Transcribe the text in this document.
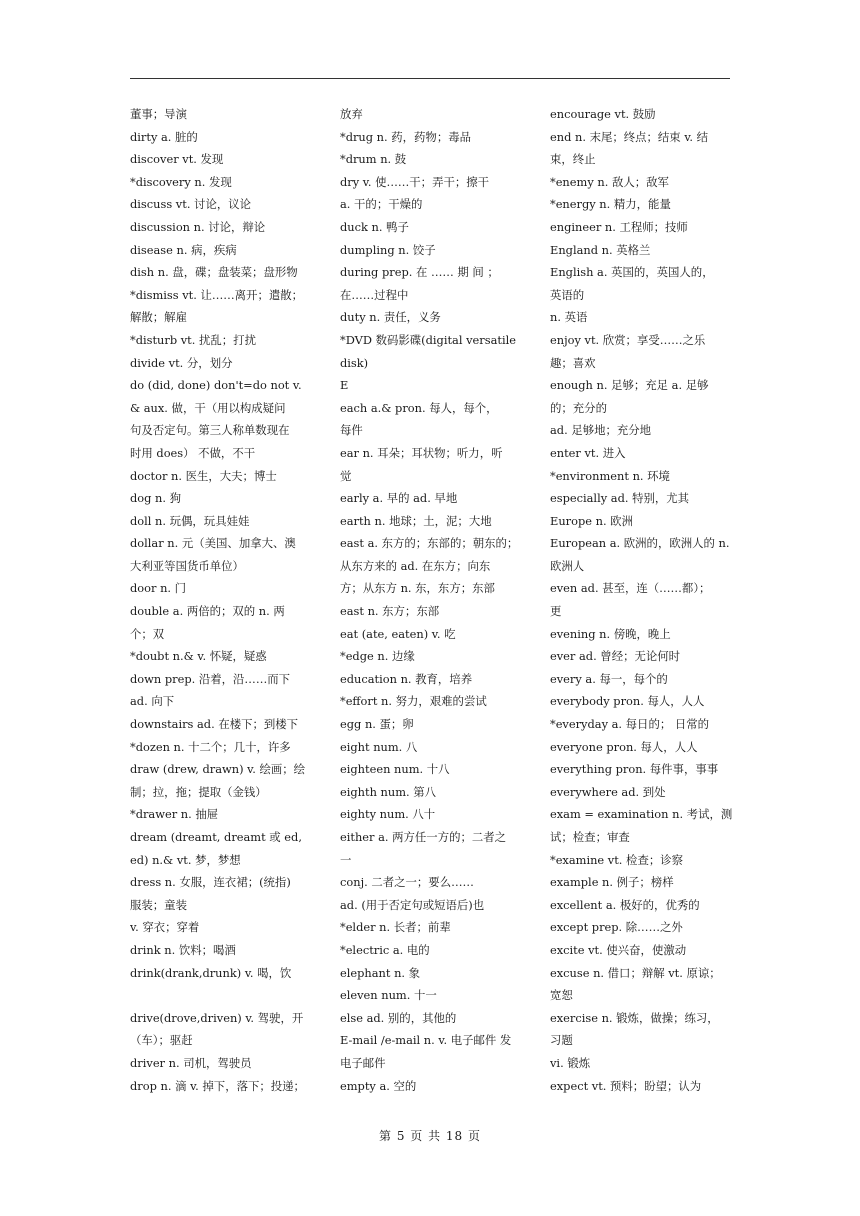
董事；导演
dirty a. 脏的
discover vt. 发现
*discovery n. 发现
discuss vt. 讨论，议论
discussion n. 讨论，辩论
disease n. 病，疾病
dish n. 盘，碟；盘装菜；盘形物
*dismiss vt. 让……离开；遣散；
解散；解雇
*disturb vt. 扰乱；打扰
divide vt. 分，划分
do (did, done) don't=do not v.
& aux. 做，干（用以构成疑问
句及否定句。第三人称单数现在
时用 does） 不做，不干
doctor n. 医生，大夫；博士
dog n. 狗
doll n. 玩偶，玩具娃娃
dollar n. 元（美国、加拿大、澳
大利亚等国货币单位）
door n. 门
double a. 两倍的；双的 n. 两
个；双
*doubt n.& v. 怀疑，疑惑
down prep. 沿着，沿……而下
ad. 向下
downstairs ad. 在楼下；到楼下
*dozen n. 十二个；几十，许多
draw (drew, drawn) v. 绘画；绘
制；拉，拖；提取（金钱）
*drawer n. 抽屉
dream (dreamt, dreamt 或 ed,
ed) n.& vt. 梦，梦想
dress n. 女服，连衣裙；(统指)
服装；童装
v. 穿衣；穿着
drink n. 饮料；喝酒
drink(drank,drunk) v. 喝，饮
drive(drove,driven) v. 驾驶，开
（车）；驱赶
driver n. 司机，驾驶员
drop n. 滴 v. 掉下，落下；投递；
放弃
*drug n. 药，药物；毒品
*drum n. 鼓
dry v. 使……干；弄干；擦干
a. 干的；干燥的
duck n. 鸭子
dumpling n. 饺子
during prep. 在 …… 期 间 ；
在……过程中
duty n. 责任，义务
*DVD 数码影碟(digital versatile
disk)
E
each a.& pron. 每人，每个，
每件
ear n. 耳朵；耳状物；听力，听
觉
early a. 早的 ad. 早地
earth n. 地球；土，泥；大地
east a. 东方的；东部的；朝东的；
从东方来的 ad. 在东方；向东
方；从东方 n. 东，东方；东部
east n. 东方；东部
eat (ate, eaten) v. 吃
*edge n. 边缘
education n. 教育，培养
*effort n. 努力，艰难的尝试
egg n. 蛋；卵
eight num. 八
eighteen num. 十八
eighth num. 第八
eighty num. 八十
either a. 两方任一方的；二者之
一
conj. 二者之一；要么……
ad. (用于否定句或短语后)也
*elder n. 长者；前辈
*electric a. 电的
elephant n. 象
eleven num. 十一
else ad. 别的，其他的
E-mail /e-mail n. v. 电子邮件 发
电子邮件
empty a. 空的
encourage vt. 鼓励
end n. 末尾；终点；结束 v. 结
束，终止
*enemy n. 敌人；敌军
*energy n. 精力，能量
engineer n. 工程师；技师
England n. 英格兰
English a. 英国的，英国人的，
英语的
n. 英语
enjoy vt. 欣赏；享受……之乐
趣；喜欢
enough n. 足够；充足 a. 足够
的；充分的
ad. 足够地；充分地
enter vt. 进入
*environment n. 环境
especially ad. 特别，尤其
Europe n. 欧洲
European a. 欧洲的，欧洲人的 n.
欧洲人
even ad. 甚至，连（……都）；
更
evening n. 傍晚，晚上
ever ad. 曾经；无论何时
every a. 每一，每个的
everybody pron. 每人，人人
*everyday a. 每日的； 日常的
everyone pron. 每人，人人
everything pron. 每件事，事事
everywhere ad. 到处
exam = examination n. 考试，测
试；检查；审查
*examine vt. 检查；诊察
example n. 例子；榜样
excellent a. 极好的，优秀的
except prep. 除……之外
excite vt. 使兴奋，使激动
excuse n. 借口；辩解 vt. 原谅；
宽恕
exercise n. 锻炼，做操；练习，
习题
vi. 锻炼
expect vt. 预料；盼望；认为
第 5 页 共 18 页
